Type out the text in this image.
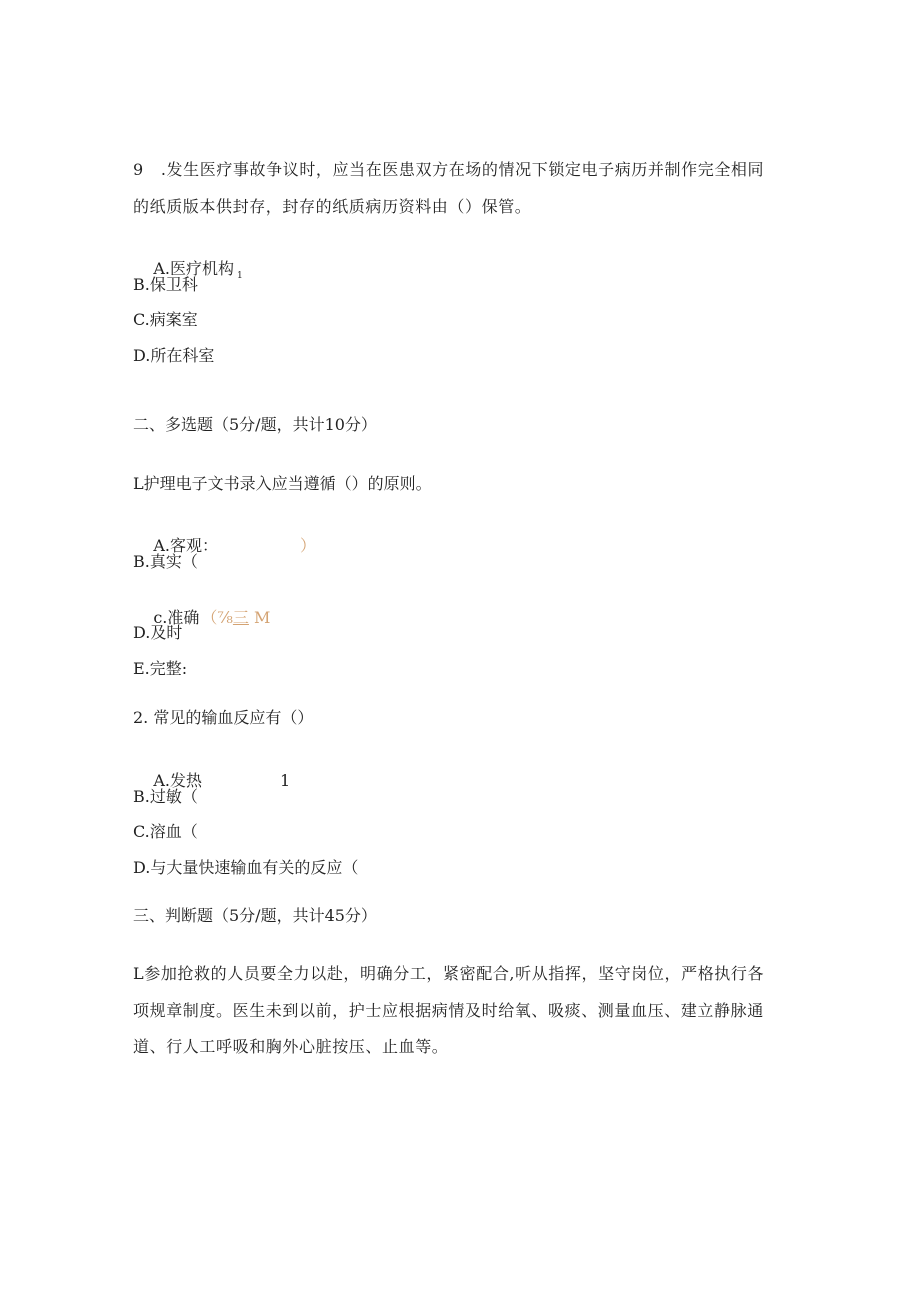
9   .发生医疗事故争议时，应当在医患双方在场的情况下锁定电子病历并制作完全相同
的纸质版本供封存，封存的纸质病历资料由（）保管。

A.医疗机构 $_1$

B.保卫科
C.病案室
D.所在科室
二、多选题（5分/题，共计10分）
L护理电子文书录入应当遵循（）的原则。

A.客观：	）

B.真实（

c.准确 （⅞三 M

D.及时
E.完整:
2. 常见的输血反应有（）

A.发热	1

B.过敏（
C.溶血（
D.与大量快速输血有关的反应（
三、判断题（5分/题，共计45分）
L参加抢救的人员要全力以赴，明确分工，紧密配合,听从指挥，坚守岗位，严格执行各
项规章制度。医生未到以前，护士应根据病情及时给氧、吸痰、测量血压、建立静脉通
道、行人工呼吸和胸外心脏按压、止血等。
